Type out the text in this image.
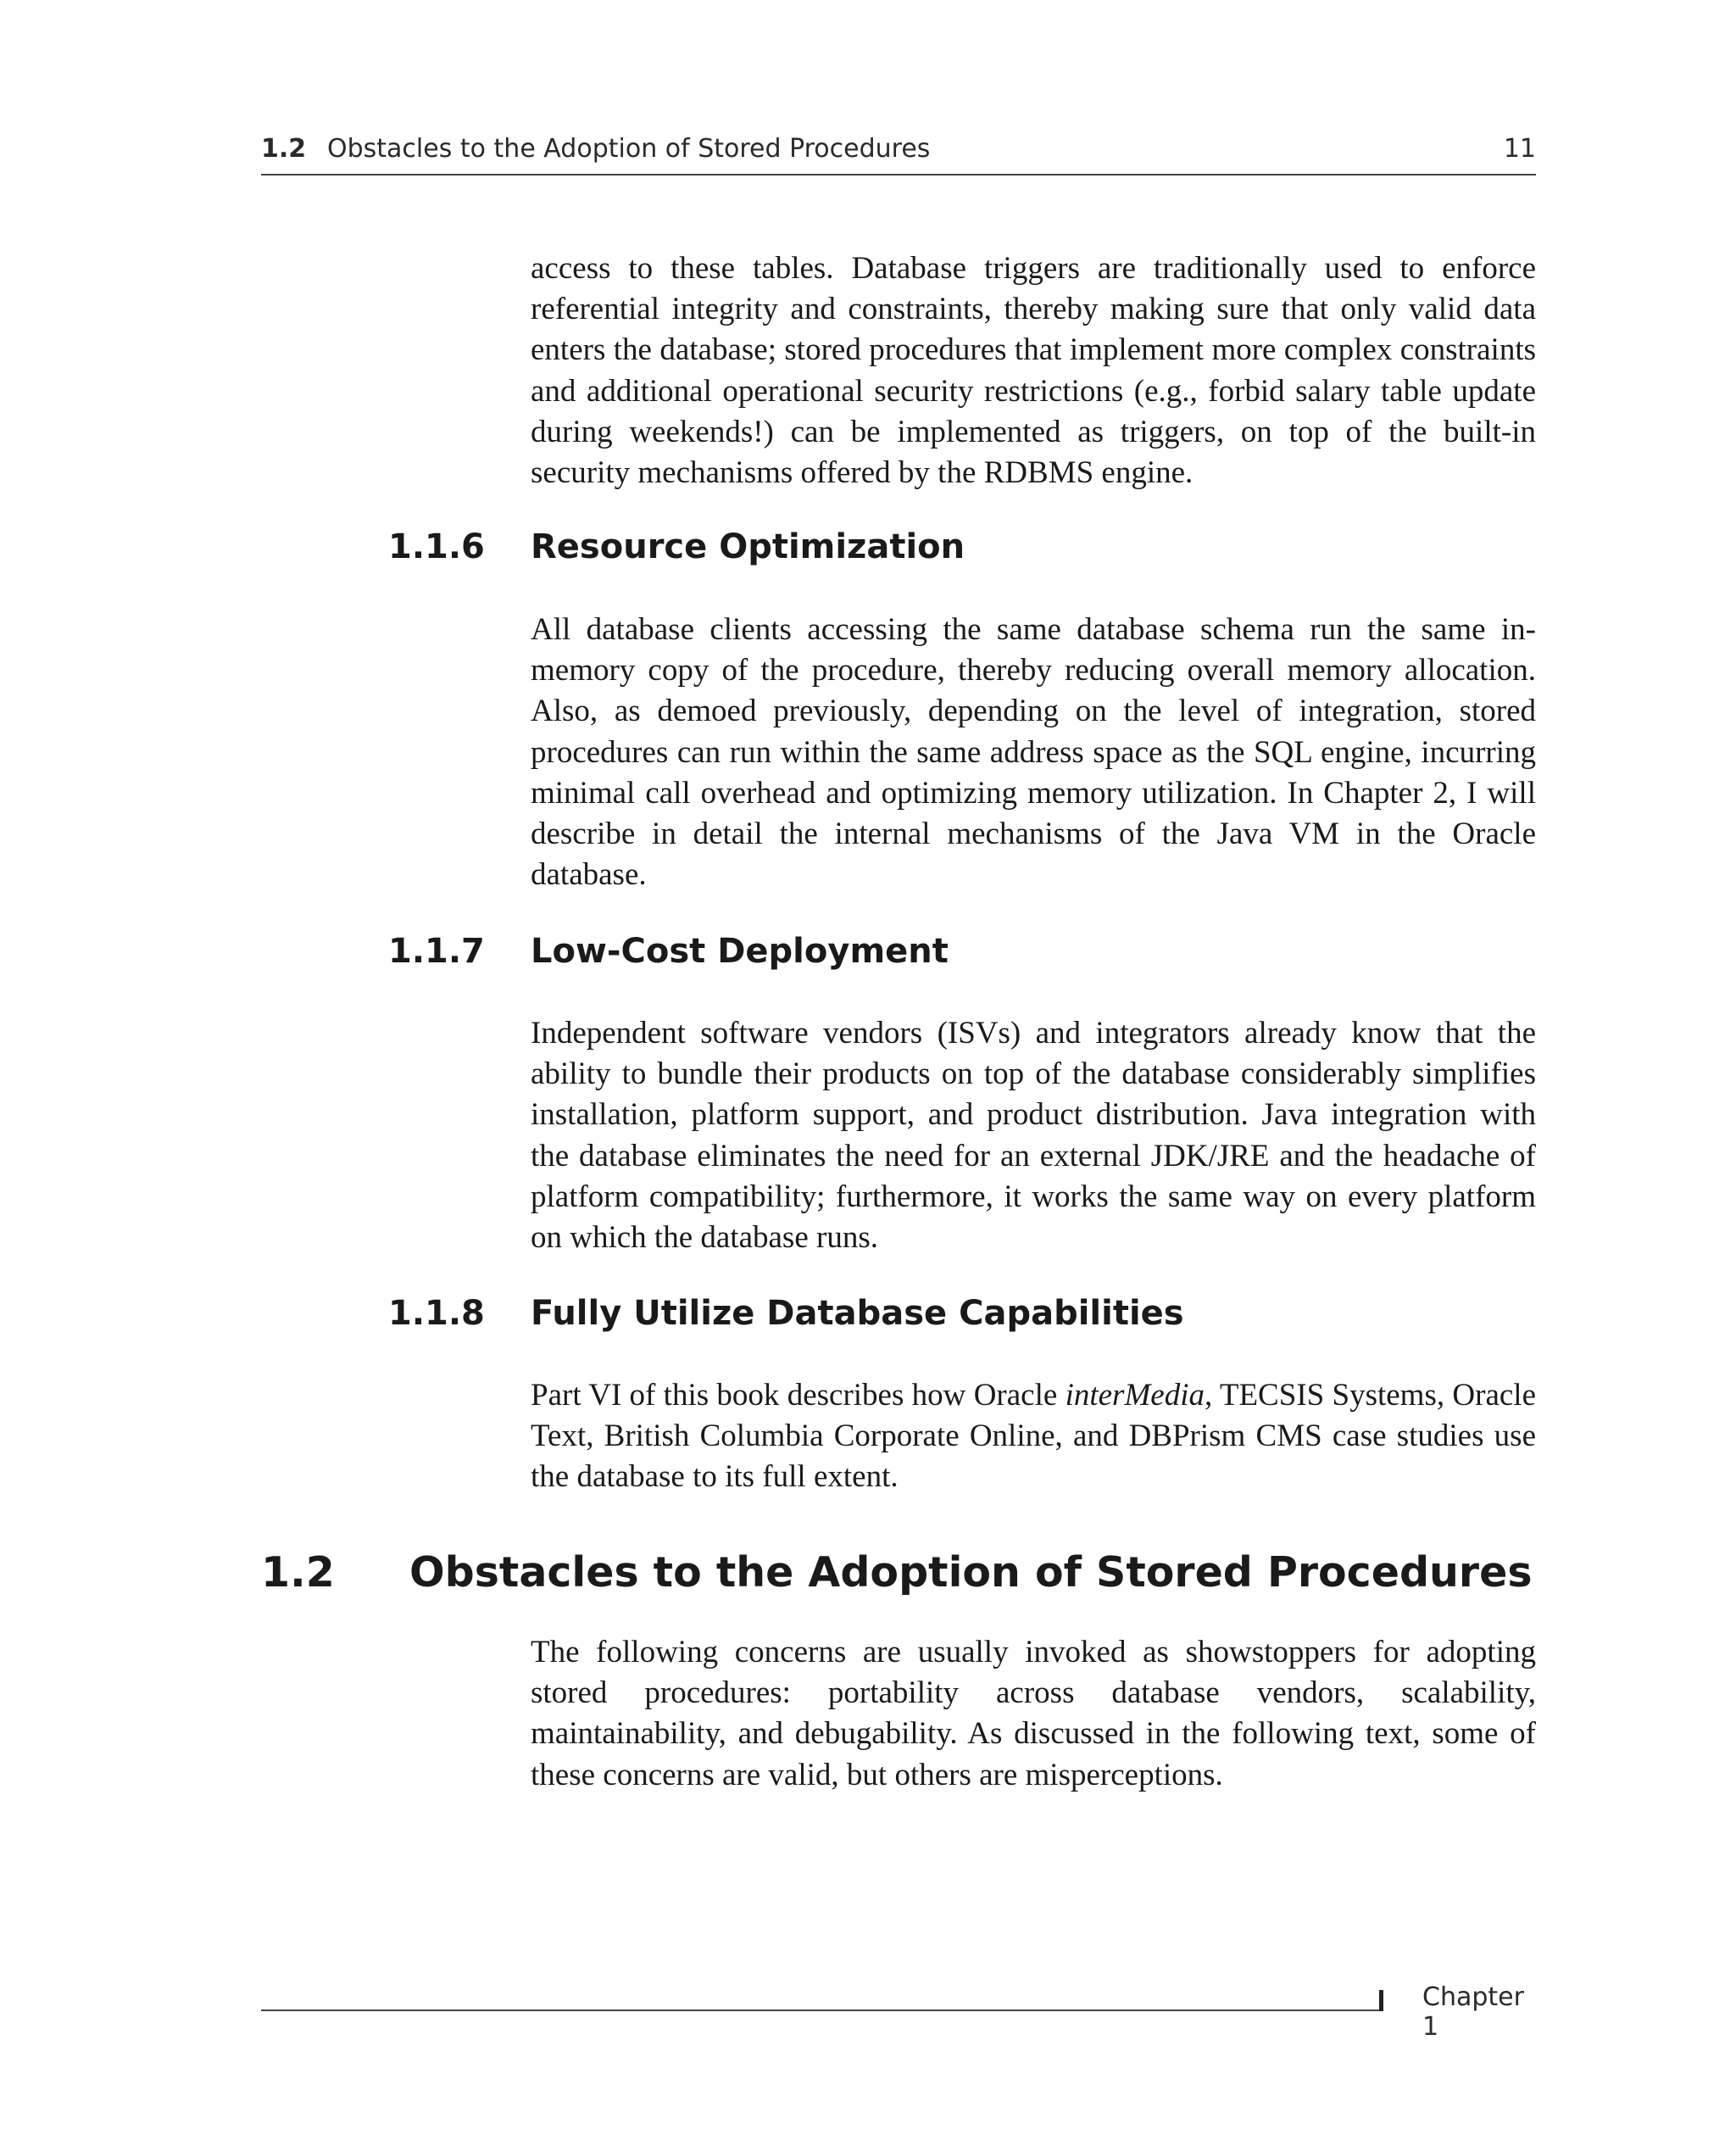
1.2 Obstacles to the Adoption of Stored Procedures	11

access to these tables. Database triggers are traditionally used to enforce referential integrity and constraints, thereby making sure that only valid data enters the database; stored procedures that implement more complex constraints and additional operational security restrictions (e.g., forbid salary table update during weekends!) can be implemented as triggers, on top of the built-in security mechanisms offered by the RDBMS engine.

1.1.6 Resource Optimization

All database clients accessing the same database schema run the same in-memory copy of the procedure, thereby reducing overall memory allocation. Also, as demoed previously, depending on the level of integration, stored procedures can run within the same address space as the SQL engine, incurring minimal call overhead and optimizing memory utilization. In Chapter 2, I will describe in detail the internal mechanisms of the Java VM in the Oracle database.

1.1.7 Low-Cost Deployment

Independent software vendors (ISVs) and integrators already know that the ability to bundle their products on top of the database considerably simplifies installation, platform support, and product distribution. Java integration with the database eliminates the need for an external JDK/JRE and the headache of platform compatibility; furthermore, it works the same way on every platform on which the database runs.

1.1.8 Fully Utilize Database Capabilities

Part VI of this book describes how Oracle interMedia, TECSIS Systems, Oracle Text, British Columbia Corporate Online, and DBPrism CMS case studies use the database to its full extent.

1.2 Obstacles to the Adoption of Stored Procedures

The following concerns are usually invoked as showstoppers for adopting stored procedures: portability across database vendors, scalability, maintainability, and debugability. As discussed in the following text, some of these concerns are valid, but others are misperceptions.

Chapter 1
